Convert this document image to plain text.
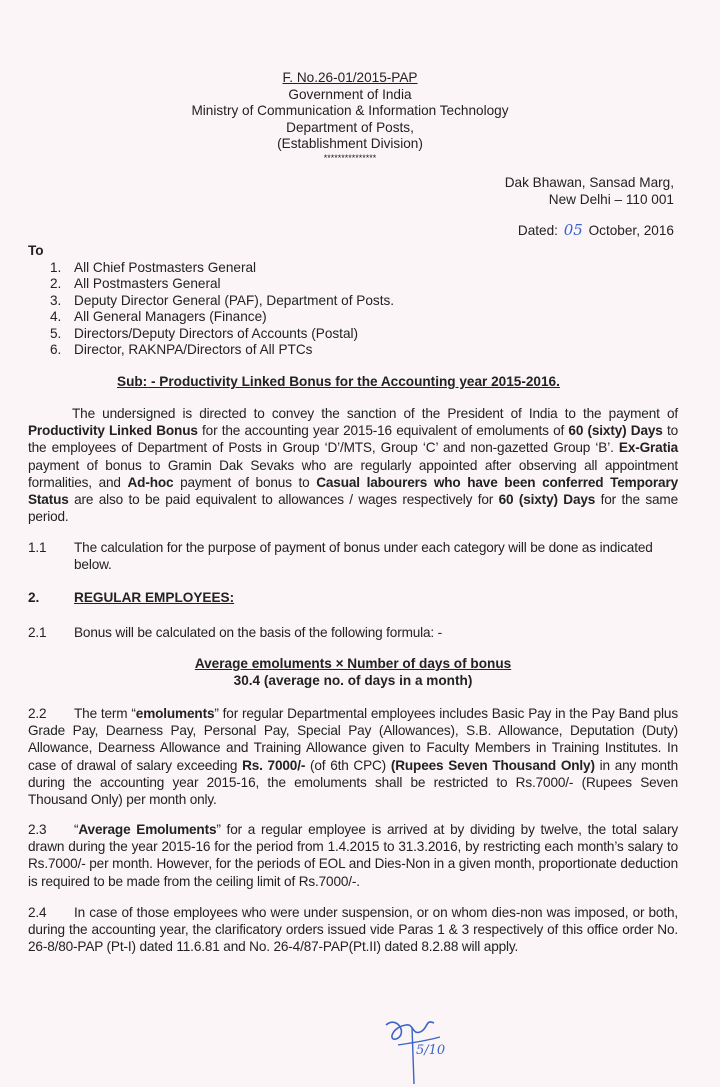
F. No.26-01/2015-PAP
Government of India
Ministry of Communication & Information Technology
Department of Posts,
(Establishment Division)
***************
Dak Bhawan, Sansad Marg,
New Delhi – 110 001
Dated: 05 October, 2016
To
1. All Chief Postmasters General
2. All Postmasters General
3. Deputy Director General (PAF), Department of Posts.
4. All General Managers (Finance)
5. Directors/Deputy Directors of Accounts (Postal)
6. Director, RAKNPA/Directors of All PTCs
Sub: - Productivity Linked Bonus for the Accounting year 2015-2016.
The undersigned is directed to convey the sanction of the President of India to the payment of Productivity Linked Bonus for the accounting year 2015-16 equivalent of emoluments of 60 (sixty) Days to the employees of Department of Posts in Group ‘D’/MTS, Group ‘C’ and non-gazetted Group ‘B’. Ex-Gratia payment of bonus to Gramin Dak Sevaks who are regularly appointed after observing all appointment formalities, and Ad-hoc payment of bonus to Casual labourers who have been conferred Temporary Status are also to be paid equivalent to allowances / wages respectively for 60 (sixty) Days for the same period.
1.1	The calculation for the purpose of payment of bonus under each category will be done as indicated below.
2.	REGULAR EMPLOYEES:
2.1 Bonus will be calculated on the basis of the following formula: -
Average emoluments × Number of days of bonus
30.4 (average no. of days in a month)
2.2 The term “emoluments” for regular Departmental employees includes Basic Pay in the Pay Band plus Grade Pay, Dearness Pay, Personal Pay, Special Pay (Allowances), S.B. Allowance, Deputation (Duty) Allowance, Dearness Allowance and Training Allowance given to Faculty Members in Training Institutes. In case of drawal of salary exceeding Rs. 7000/- (of 6th CPC) (Rupees Seven Thousand Only) in any month during the accounting year 2015-16, the emoluments shall be restricted to Rs.7000/- (Rupees Seven Thousand Only) per month only.
2.3 “Average Emoluments” for a regular employee is arrived at by dividing by twelve, the total salary drawn during the year 2015-16 for the period from 1.4.2015 to 31.3.2016, by restricting each month’s salary to Rs.7000/- per month. However, for the periods of EOL and Dies-Non in a given month, proportionate deduction is required to be made from the ceiling limit of Rs.7000/-.
2.4 In case of those employees who were under suspension, or on whom dies-non was imposed, or both, during the accounting year, the clarificatory orders issued vide Paras 1 & 3 respectively of this office order No. 26-8/80-PAP (Pt-I) dated 11.6.81 and No. 26-4/87-PAP(Pt.II) dated 8.2.88 will apply.
5/10
